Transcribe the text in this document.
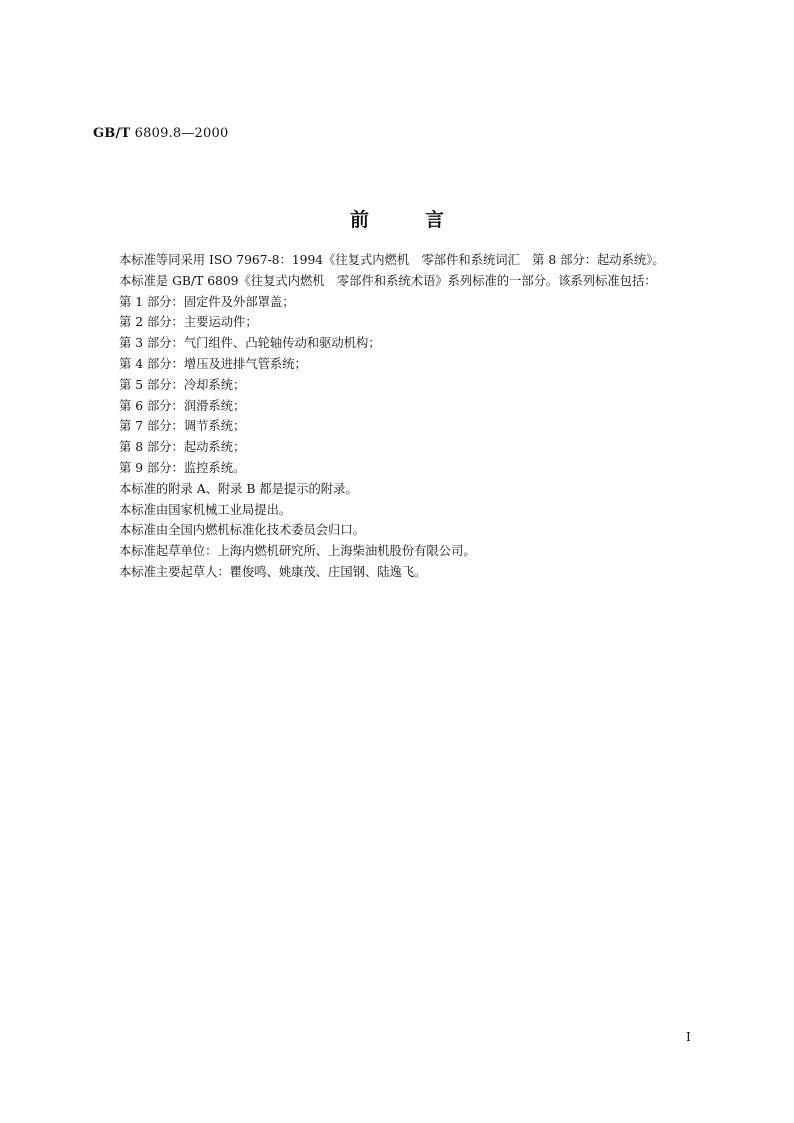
GB/T 6809.8—2000
前	言
本标准等同采用 ISO 7967-8：1994《往复式内燃机　零部件和系统词汇　第 8 部分：起动系统》。
本标准是 GB/T 6809《往复式内燃机　零部件和系统术语》系列标准的一部分。该系列标准包括：
第 1 部分：固定件及外部罩盖；
第 2 部分：主要运动件；
第 3 部分：气门组件、凸轮轴传动和驱动机构；
第 4 部分：增压及进排气管系统；
第 5 部分：冷却系统；
第 6 部分：润滑系统；
第 7 部分：调节系统；
第 8 部分：起动系统；
第 9 部分：监控系统。
本标准的附录 A、附录 B 都是提示的附录。
本标准由国家机械工业局提出。
本标准由全国内燃机标准化技术委员会归口。
本标准起草单位：上海内燃机研究所、上海柴油机股份有限公司。
本标准主要起草人：瞿俊鸣、姚康茂、庄国钢、陆逸飞。
I
